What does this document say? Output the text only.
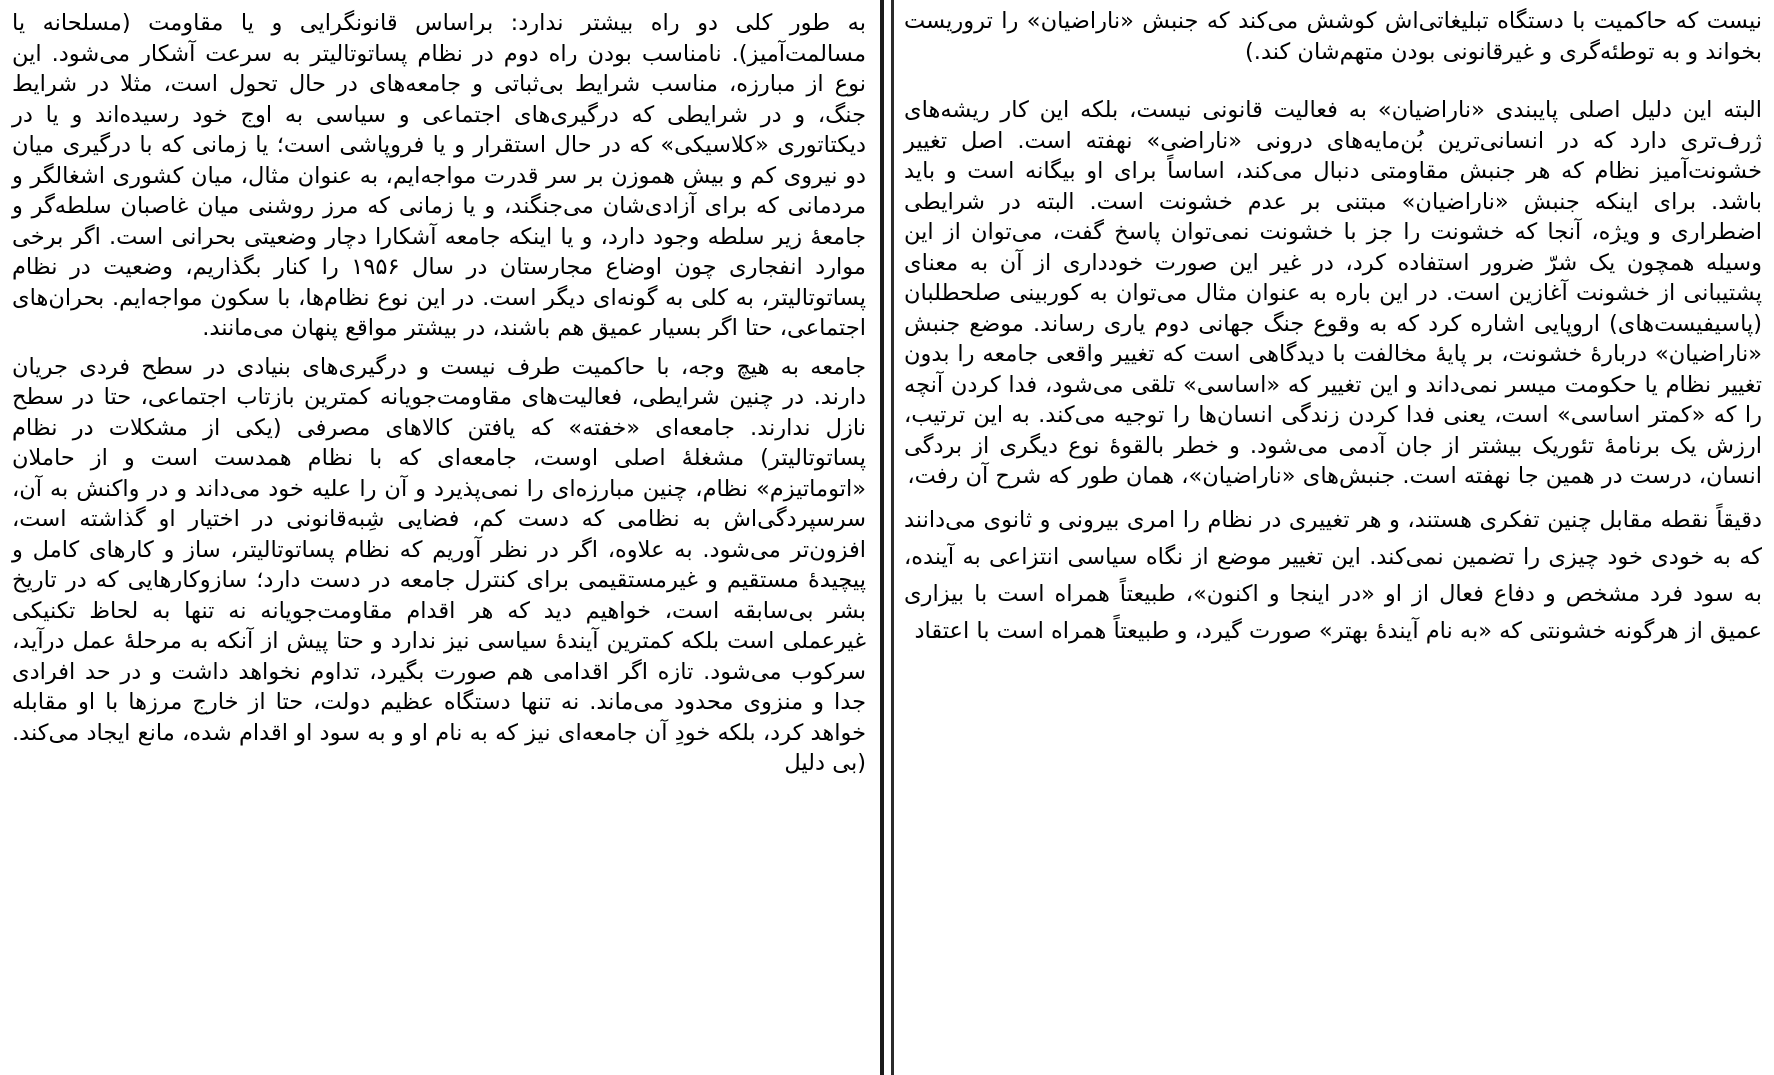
به طور کلی دو راه بیشتر ندارد: براساس قانونگرایی و یا مقاومت (مسلحانه یا مسالمت‌آمیز). نامناسب بودن راه دوم در نظام پساتوتالیتر به سرعت آشکار می‌شود. این نوع از مبارزه، مناسب شرایط بی‌ثباتی و جامعه‌های در حال تحول است، مثلا در شرایط جنگ، و در شرایطی که درگیری‌های اجتماعی و سیاسی به اوج خود رسیده‌اند و یا در دیکتاتوری «کلاسیکی» که در حال استقرار و یا فروپاشی است؛ یا زمانی که با درگیری میان دو نیروی کم و بیش هموزن بر سر قدرت مواجه‌ایم، به عنوان مثال، میان کشوری اشغالگر و مردمانی که برای آزادی‌شان می‌جنگند، و یا زمانی که مرز روشنی میان غاصبان سلطه‌گر و جامعهٔ زیر سلطه وجود دارد، و یا اینکه جامعه آشکارا دچار وضعیتی بحرانی است. اگر برخی موارد انفجاری چون اوضاع مجارستان در سال ۱۹۵۶ را کنار بگذاریم، وضعیت در نظام پساتوتالیتر، به کلی به گونه‌ای دیگر است. در این نوع نظام‌ها، با سکون مواجه‌ایم. بحران‌های اجتماعی، حتا اگر بسیار عمیق هم باشند، در بیشتر مواقع پنهان می‌مانند.

جامعه به هیچ وجه، با حاکمیت طرف نیست و درگیری‌های بنیادی در سطح فردی جریان دارند. در چنین شرایطی، فعالیت‌های مقاومت‌جویانه کمترین بازتاب اجتماعی، حتا در سطح نازل ندارند. جامعه‌ای «خفته» که یافتن کالاهای مصرفی (یکی از مشکلات در نظام پساتوتالیتر) مشغلهٔ اصلی اوست، جامعه‌ای که با نظام همدست است و از حاملان «اتوماتیزم» نظام، چنین مبارزه‌ای را نمی‌پذیرد و آن را علیه خود می‌داند و در واکنش به آن، سرسپردگی‌اش به نظامی که دست کم، فضایی شِبه‌قانونی در اختیار او گذاشته است، افزون‌تر می‌شود. به علاوه، اگر در نظر آوریم که نظام پساتوتالیتر، ساز و کارهای کامل و پیچیدهٔ مستقیم و غیرمستقیمی برای کنترل جامعه در دست دارد؛ سازوکارهایی که در تاریخ بشر بی‌سابقه است، خواهیم دید که هر اقدام مقاومت‌جویانه نه تنها به لحاظ تکنیکی غیرعملی است بلکه کمترین آیندهٔ سیاسی نیز ندارد و حتا پیش از آنکه به مرحلهٔ عمل درآید، سرکوب می‌شود. تازه اگر اقدامی هم صورت بگیرد، تداوم نخواهد داشت و در حد افرادی جدا و منزوی محدود می‌ماند. نه تنها دستگاه عظیم دولت، حتا از خارج مرزها با او مقابله خواهد کرد، بلکه خودِ آن جامعه‌ای نیز که به نام او و به سود او اقدام شده، مانع ایجاد می‌کند. (بی دلیل

نیست که حاکمیت با دستگاه تبلیغاتی‌اش کوشش می‌کند که جنبش «ناراضیان» را تروریست بخواند و به توطئه‌گری و غیرقانونی بودن متهم‌شان کند.)

البته این دلیل اصلی پایبندی «ناراضیان» به فعالیت قانونی نیست، بلکه این کار ریشه‌های ژرف‌تری دارد که در انسانی‌ترین بُن‌مایه‌های درونی «ناراضی» نهفته است. اصل تغییر خشونت‌آمیز نظام که هر جنبش مقاومتی دنبال می‌کند، اساساً برای او بیگانه است و باید باشد. برای اینکه جنبش «ناراضیان» مبتنی بر عدم خشونت است. البته در شرایطی اضطراری و ویژه، آنجا که خشونت را جز با خشونت نمی‌توان پاسخ گفت، می‌توان از این وسیله همچون یک شرّ ضرور استفاده کرد، در غیر این صورت خودداری از آن به معنای پشتیبانی از خشونت آغازین است. در این باره به عنوان مثال می‌توان به کوربینی صلحطلبان (پاسیفیست‌های) اروپایی اشاره کرد که به وقوع جنگ جهانی دوم یاری رساند. موضع جنبش «ناراضیان» دربارهٔ خشونت، بر پایهٔ مخالفت با دیدگاهی است که تغییر واقعی جامعه را بدون تغییر نظام یا حکومت میسر نمی‌داند و این تغییر که «اساسی» تلقی می‌شود، فدا کردن آنچه را که «کمتر اساسی» است، یعنی فدا کردن زندگی انسان‌ها را توجیه می‌کند. به این ترتیب، ارزش یک برنامهٔ تئوریک بیشتر از جان آدمی می‌شود. و خطر بالقوهٔ نوع دیگری از بردگی انسان، درست در همین جا نهفته است. جنبش‌های «ناراضیان»، همان طور که شرح آن رفت،

دقیقاً نقطه مقابل چنین تفکری هستند، و هر تغییری در نظام را امری بیرونی و ثانوی می‌دانند که به خودی خود چیزی را تضمین نمی‌کند. این تغییر موضع از نگاه سیاسی انتزاعی به آینده، به سود فرد مشخص و دفاع فعال از او «در اینجا و اکنون»، طبیعتاً همراه است با بیزاری عمیق از هرگونه خشونتی که «به نام آیندهٔ بهتر» صورت گیرد، و طبیعتاً همراه است با اعتقاد
